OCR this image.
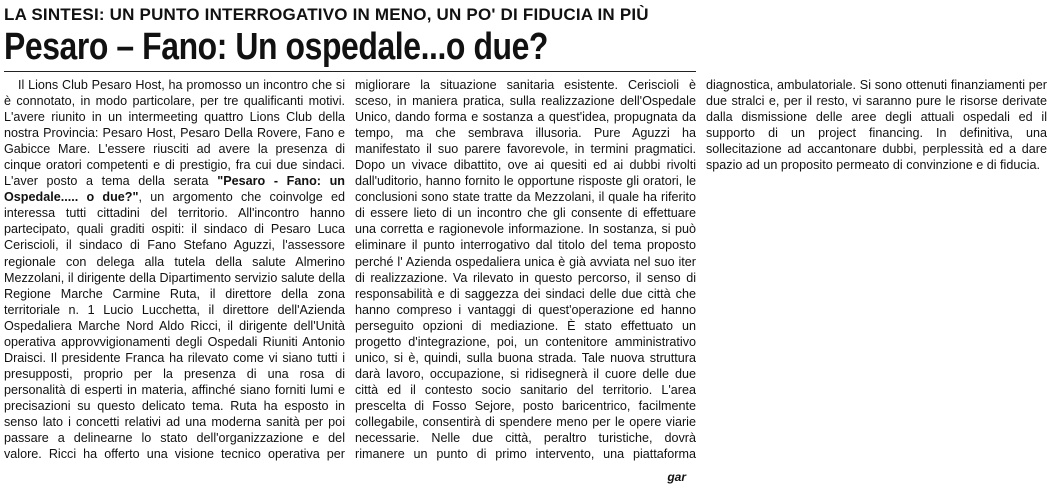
LA SINTESI: UN PUNTO INTERROGATIVO IN MENO, UN PO' DI FIDUCIA IN PIÙ
Pesaro – Fano: Un ospedale...o due?

Il Lions Club Pesaro Host, ha promosso un incontro che si è connotato, in modo particolare, per tre qualificanti motivi. L'avere riunito in un intermeeting quattro Lions Club della nostra Provincia: Pesaro Host, Pesaro Della Rovere, Fano e Gabicce Mare. L'essere riusciti ad avere la presenza di cinque oratori competenti e di prestigio, fra cui due sindaci. L'aver posto a tema della serata "Pesaro - Fano: un Ospedale..... o due?", un argomento che coinvolge ed interessa tutti cittadini del territorio. All'incontro hanno partecipato, quali graditi ospiti: il sindaco di Pesaro Luca Ceriscioli, il sindaco di Fano Stefano Aguzzi, l'assessore regionale con delega alla tutela della salute Almerino Mezzolani, il dirigente della Dipartimento servizio salute della Regione Marche Carmine Ruta, il direttore della zona territoriale n. 1 Lucio Lucchetta, il direttore dell'Azienda Ospedaliera Marche Nord Aldo Ricci, il dirigente dell'Unità operativa approvvigionamenti degli Ospedali Riuniti Antonio Draisci. Il presidente Franca ha rilevato come vi siano tutti i presupposti, proprio per la presenza di una rosa di personalità di esperti in materia, affinché siano forniti lumi e precisazioni su questo delicato tema. Ruta ha esposto in senso lato i concetti relativi ad una moderna sanità per poi passare a delinearne lo stato dell'organizzazione e del valore. Ricci ha offerto una visione tecnico operativa per migliorare la situazione sanitaria esistente. Ceriscioli è sceso, in maniera pratica, sulla realizzazione dell'Ospedale Unico, dando forma e sostanza a quest'idea, propugnata da tempo, ma che sembrava illusoria. Pure Aguzzi ha manifestato il suo parere favorevole, in termini pragmatici. Dopo un vivace dibattito, ove ai quesiti ed ai dubbi rivolti dall'uditorio, hanno fornito le opportune risposte gli oratori, le conclusioni sono state tratte da Mezzolani, il quale ha riferito di essere lieto di un incontro che gli consente di effettuare una corretta e ragionevole informazione. In sostanza, si può eliminare il punto interrogativo dal titolo del tema proposto perché l' Azienda ospedaliera unica è già avviata nel suo iter di realizzazione. Va rilevato in questo percorso, il senso di responsabilità e di saggezza dei sindaci delle due città che hanno compreso i vantaggi di quest'operazione ed hanno perseguito opzioni di mediazione. È stato effettuato un progetto d'integrazione, poi, un contenitore amministrativo unico, si è, quindi, sulla buona strada. Tale nuova struttura darà lavoro, occupazione, si ridisegnerà il cuore delle due città ed il contesto socio sanitario del territorio. L'area prescelta di Fosso Sejore, posto baricentrico, facilmente collegabile, consentirà di spendere meno per le opere viarie necessarie. Nelle due città, peraltro turistiche, dovrà rimanere un punto di primo intervento, una piattaforma diagnostica, ambulatoriale. Si sono ottenuti finanziamenti per due stralci e, per il resto, vi saranno pure le risorse derivate dalla dismissione delle aree degli attuali ospedali ed il supporto di un project financing. In definitiva, una sollecitazione ad accantonare dubbi, perplessità ed a dare spazio ad un proposito permeato di convinzione e di fiducia.

gar
